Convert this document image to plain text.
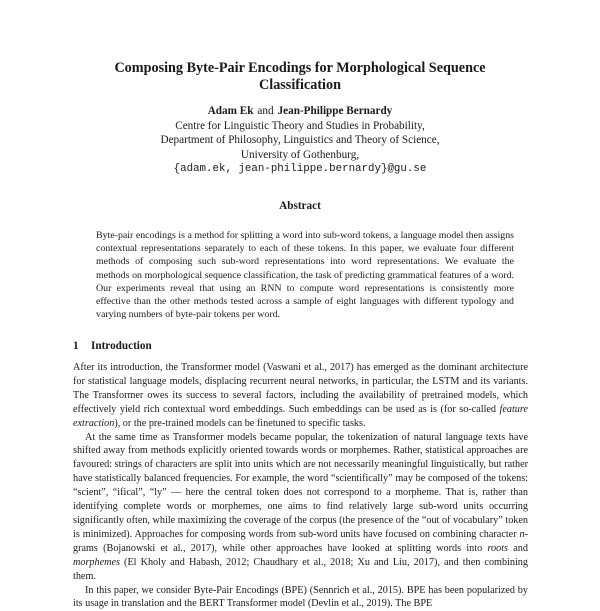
Composing Byte-Pair Encodings for Morphological Sequence
Classification
Adam Ek and Jean-Philippe Bernardy
Centre for Linguistic Theory and Studies in Probability,
Department of Philosophy, Linguistics and Theory of Science,
University of Gothenburg,
{adam.ek, jean-philippe.bernardy}@gu.se
Abstract
Byte-pair encodings is a method for splitting a word into sub-word tokens, a language model then assigns contextual representations separately to each of these tokens. In this paper, we evaluate four different methods of composing such sub-word representations into word representations. We evaluate the methods on morphological sequence classification, the task of predicting grammatical features of a word. Our experiments reveal that using an RNN to compute word representations is consistently more effective than the other methods tested across a sample of eight languages with different typology and varying numbers of byte-pair tokens per word.
1 Introduction

After its introduction, the Transformer model (Vaswani et al., 2017) has emerged as the dominant architecture for statistical language models, displacing recurrent neural networks, in particular, the LSTM and its variants. The Transformer owes its success to several factors, including the availability of pretrained models, which effectively yield rich contextual word embeddings. Such embeddings can be used as is (for so-called feature extraction), or the pre-trained models can be finetuned to specific tasks.

At the same time as Transformer models became popular, the tokenization of natural language texts have shifted away from methods explicitly oriented towards words or morphemes. Rather, statistical approaches are favoured: strings of characters are split into units which are not necessarily meaningful linguistically, but rather have statistically balanced frequencies. For example, the word “scientifically” may be composed of the tokens: “scient”, “ifical”, “ly” — here the central token does not correspond to a morpheme. That is, rather than identifying complete words or morphemes, one aims to find relatively large sub-word units occurring significantly often, while maximizing the coverage of the corpus (the presence of the “out of vocabulary” token is minimized). Approaches for composing words from sub-word units have focused on combining character n-grams (Bojanowski et al., 2017), while other approaches have looked at splitting words into roots and morphemes (El Kholy and Habash, 2012; Chaudhary et al., 2018; Xu and Liu, 2017), and then combining them.

In this paper, we consider Byte-Pair Encodings (BPE) (Sennrich et al., 2015). BPE has been popularized by its usage in translation and the BERT Transformer model (Devlin et al., 2019). The BPE
